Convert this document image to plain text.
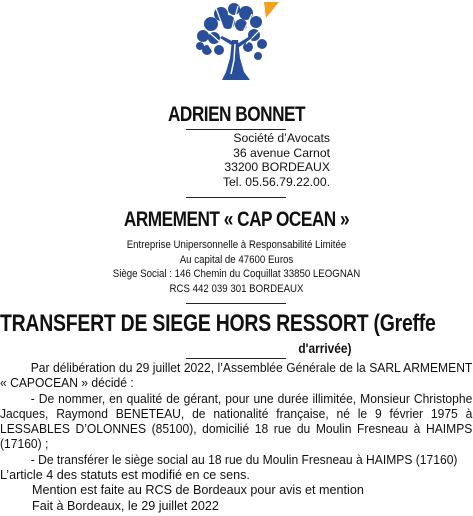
ADRIEN BONNET
Société d’Avocats
36 avenue Carnot
33200 BORDEAUX
Tel. 05.56.79.22.00.
ARMEMENT « CAP OCEAN »
Entreprise Unipersonnelle à Responsabilité Limitée
Au capital de 47600 Euros
Siège Social : 146 Chemin du Coquillat 33850 LEOGNAN
RCS 442 039 301 BORDEAUX
TRANSFERT DE SIEGE HORS RESSORT (Greffe
d'arrivée)

Par délibération du 29 juillet 2022, l’Assemblée Générale de la SARL ARMEMENT « CAPOCEAN » décidé :

- De nommer, en qualité de gérant, pour une durée illimitée, Monsieur Christophe Jacques, Raymond BENETEAU, de nationalité française, né le 9 février 1975 à LESSABLES D’OLONNES (85100), domicilié 18 rue du Moulin Fresneau à HAIMPS (17160) ;

- De transférer le siège social au 18 rue du Moulin Fresneau à HAIMPS (17160)

L’article 4 des statuts est modifié en ce sens.

Mention est faite au RCS de Bordeaux pour avis et mention

Fait à Bordeaux, le 29 juillet 2022
